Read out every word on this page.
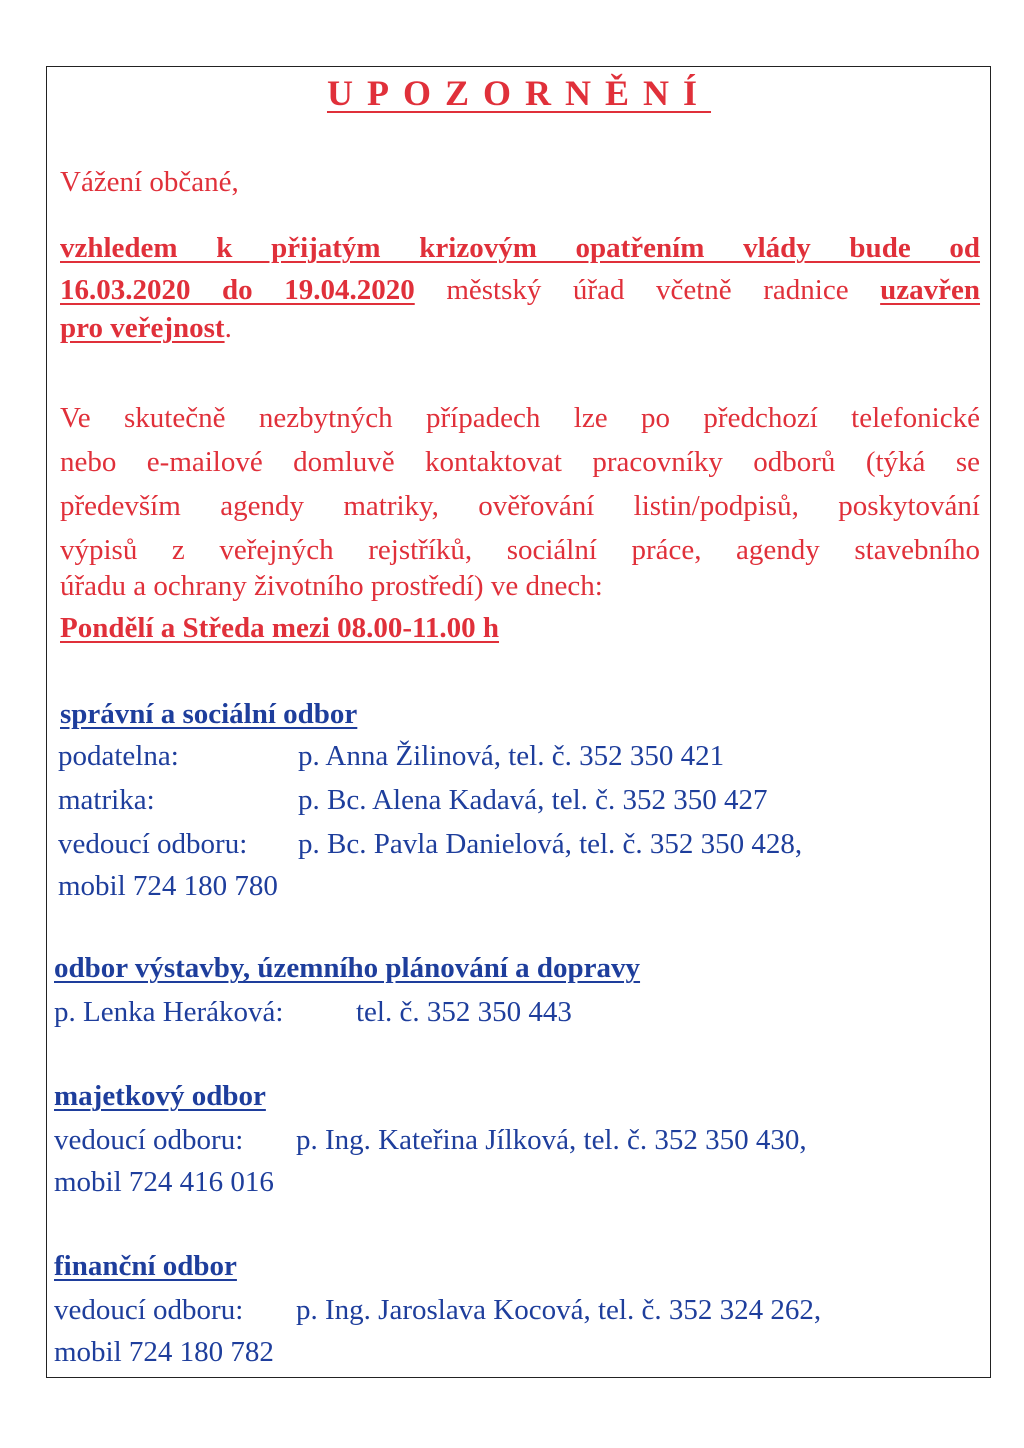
UPOZORNĚNÍ

Vážení občané,

vzhledem k přijatým krizovým opatřením vlády bude od

16.03.2020 do 19.04.2020 městský úřad včetně radnice uzavřen

pro veřejnost.

Ve skutečně nezbytných případech lze po předchozí telefonické

nebo e-mailové domluvě kontaktovat pracovníky odborů (týká se

především agendy matriky, ověřování listin/podpisů, poskytování

výpisů z veřejných rejstříků, sociální práce, agendy stavebního

úřadu a ochrany životního prostředí) ve dnech:

Pondělí a Středa mezi 08.00-11.00 h

správní a sociální odbor

podatelna:	p. Anna Žilinová, tel. č. 352 350 421
matrika:	p. Bc. Alena Kadavá, tel. č. 352 350 427
vedoucí odboru: p. Bc. Pavla Danielová, tel. č. 352 350 428,
mobil 724 180 780

odbor výstavby, územního plánování a dopravy

p. Lenka Heráková:	tel. č. 352 350 443

majetkový odbor

vedoucí odboru: p. Ing. Kateřina Jílková, tel. č. 352 350 430,
mobil 724 416 016

finanční odbor

vedoucí odboru: p. Ing. Jaroslava Kocová, tel. č. 352 324 262,
mobil 724 180 782
